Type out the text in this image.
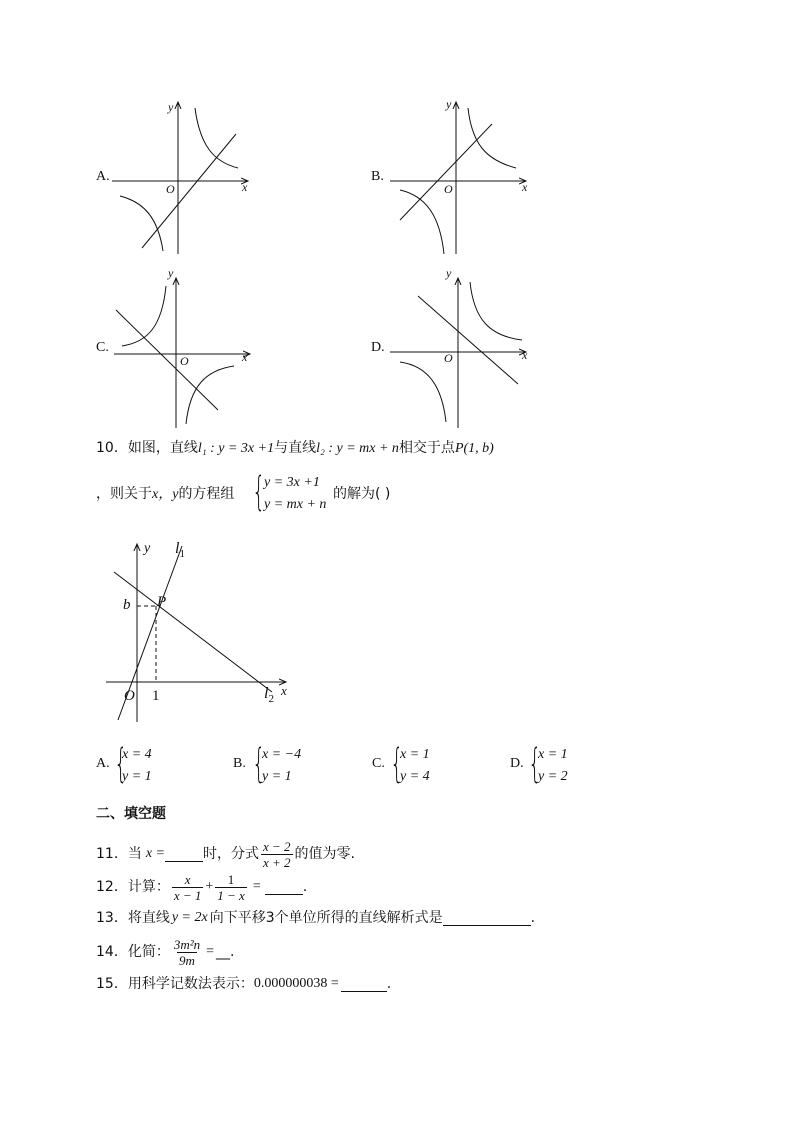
A.
y
O	x
B.
y
O	x
C.
y
O	x
D.
y
O	x
10．如图，直线l₁ : y = 3x +1与直线l₂ : y = mx + n相交于点P(1, b)
，则关于x，y的方程组 {
y = 3x +1
y = mx + n
的解为( )
y $l_1$
b P
O 1	x
$l_2$
A. {
x = 4
y = 1
B. {
x = −4
y = 1
C. {
x = 1
y = 4
D. {
x = 1
y = 2
二、填空题
11．当 x =	时，分式 $\frac{x - 2}{x + 2}$ 的值为零.
12．计算： $\frac{x}{x - 1} + \frac{1}{1 - x}$ =	.
13．将直线 y = 2x 向下平移3个单位所得的直线解析式是	.
14．化简： $\frac{\text{3m²n}}{9m}$ = __.
15．用科学记数法表示： 0.000000038 =	.
